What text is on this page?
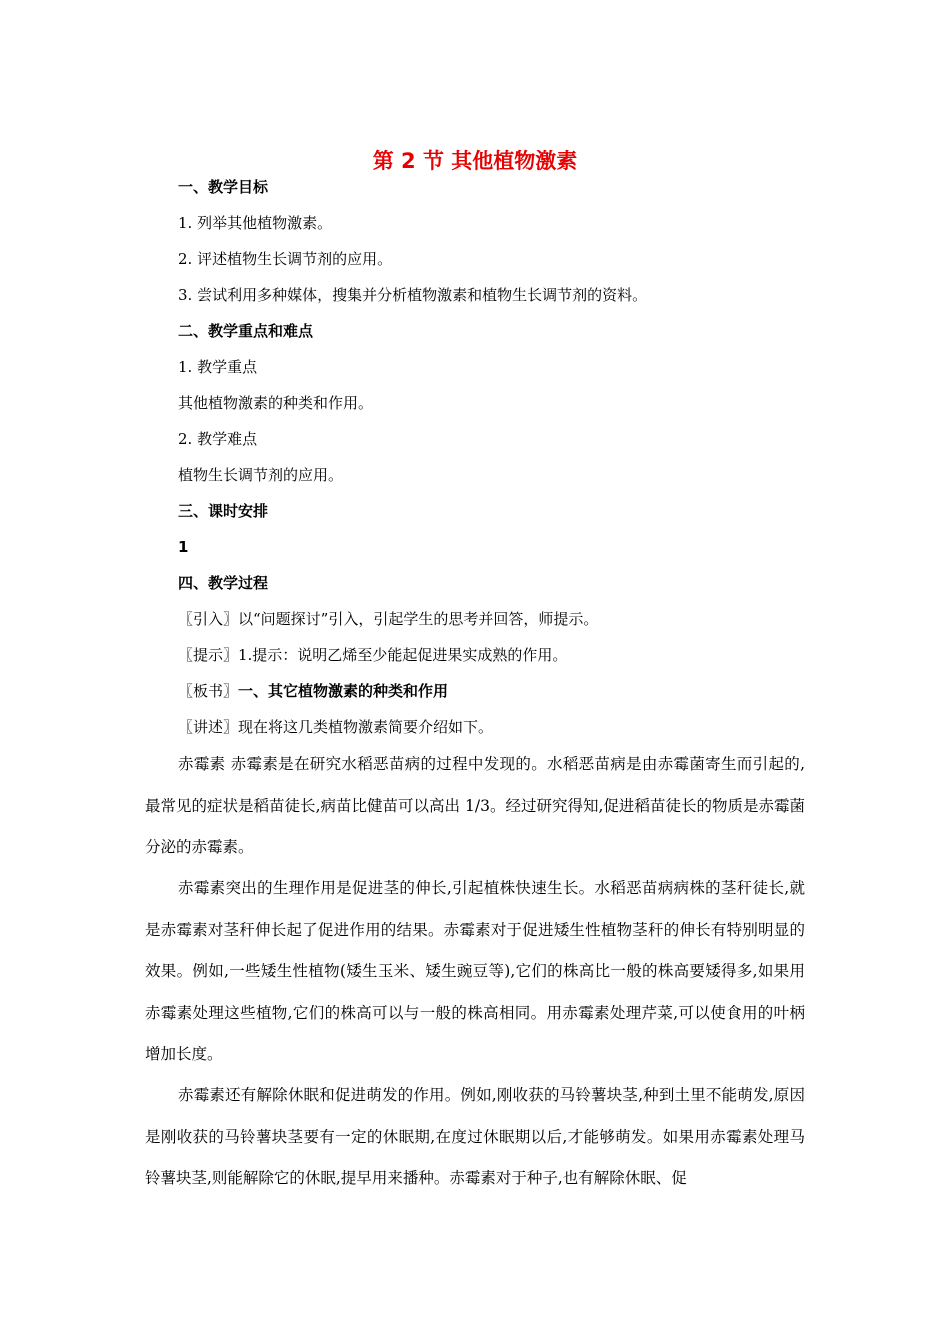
第 2 节 其他植物激素
一、教学目标
1. 列举其他植物激素。
2. 评述植物生长调节剂的应用。
3. 尝试利用多种媒体，搜集并分析植物激素和植物生长调节剂的资料。
二、教学重点和难点
1. 教学重点
其他植物激素的种类和作用。
2. 教学难点
植物生长调节剂的应用。
三、课时安排
1
四、教学过程
〖引入〗以“问题探讨”引入，引起学生的思考并回答，师提示。
〖提示〗1.提示：说明乙烯至少能起促进果实成熟的作用。
〖板书〗一、其它植物激素的种类和作用
〖讲述〗现在将这几类植物激素简要介绍如下。
赤霉素 赤霉素是在研究水稻恶苗病的过程中发现的。水稻恶苗病是由赤霉菌寄生而引起的,最常见的症状是稻苗徒长,病苗比健苗可以高出 1/3。经过研究得知,促进稻苗徒长的物质是赤霉菌分泌的赤霉素。
赤霉素突出的生理作用是促进茎的伸长,引起植株快速生长。水稻恶苗病病株的茎秆徒长,就是赤霉素对茎秆伸长起了促进作用的结果。赤霉素对于促进矮生性植物茎秆的伸长有特别明显的效果。例如,一些矮生性植物(矮生玉米、矮生豌豆等),它们的株高比一般的株高要矮得多,如果用赤霉素处理这些植物,它们的株高可以与一般的株高相同。用赤霉素处理芹菜,可以使食用的叶柄增加长度。
赤霉素还有解除休眠和促进萌发的作用。例如,刚收获的马铃薯块茎,种到土里不能萌发,原因是刚收获的马铃薯块茎要有一定的休眠期,在度过休眠期以后,才能够萌发。如果用赤霉素处理马铃薯块茎,则能解除它的休眠,提早用来播种。赤霉素对于种子,也有解除休眠、促
